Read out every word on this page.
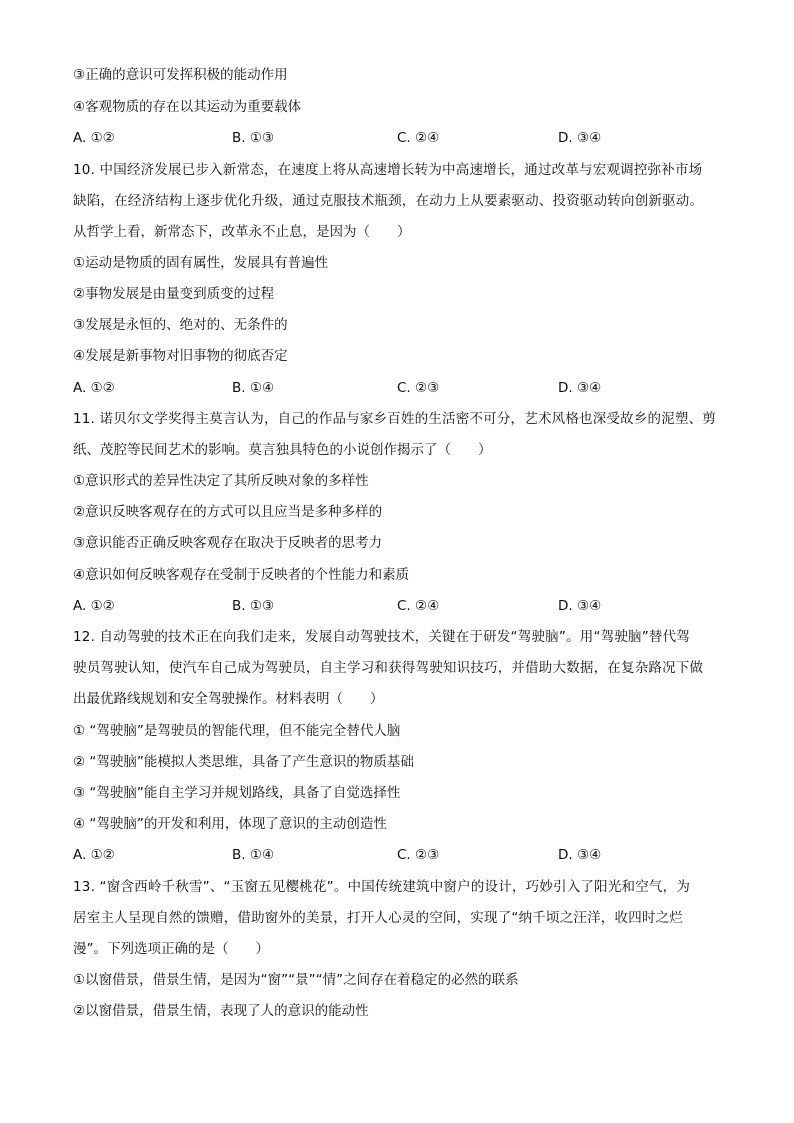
③正确的意识可发挥积极的能动作用
④客观物质的存在以其运动为重要载体
A. ①②	B. ①③	C. ②④	D. ③④
10. 中国经济发展已步入新常态，在速度上将从高速增长转为中高速增长，通过改革与宏观调控弥补市场
缺陷，在经济结构上逐步优化升级，通过克服技术瓶颈，在动力上从要素驱动、投资驱动转向创新驱动。
从哲学上看，新常态下，改革永不止息，是因为（　　）
①运动是物质的固有属性，发展具有普遍性
②事物发展是由量变到质变的过程
③发展是永恒的、绝对的、无条件的
④发展是新事物对旧事物的彻底否定
A. ①②	B. ①④	C. ②③	D. ③④
11. 诺贝尔文学奖得主莫言认为，自己的作品与家乡百姓的生活密不可分，艺术风格也深受故乡的泥塑、剪
纸、茂腔等民间艺术的影响。莫言独具特色的小说创作揭示了（　　）
①意识形式的差异性决定了其所反映对象的多样性
②意识反映客观存在的方式可以且应当是多种多样的
③意识能否正确反映客观存在取决于反映者的思考力
④意识如何反映客观存在受制于反映者的个性能力和素质
A. ①②	B. ①③	C. ②④	D. ③④
12. 自动驾驶的技术正在向我们走来，发展自动驾驶技术，关键在于研发“驾驶脑”。用“驾驶脑”替代驾
驶员驾驶认知，使汽车自己成为驾驶员，自主学习和获得驾驶知识技巧，并借助大数据，在复杂路况下做
出最优路线规划和安全驾驶操作。材料表明（　　）
① “驾驶脑”是驾驶员的智能代理，但不能完全替代人脑
② “驾驶脑”能模拟人类思维，具备了产生意识的物质基础
③ “驾驶脑”能自主学习并规划路线，具备了自觉选择性
④ “驾驶脑”的开发和利用，体现了意识的主动创造性
A. ①②	B. ①④	C. ②③	D. ③④
13. “窗含西岭千秋雪”、“玉窗五见樱桃花”。中国传统建筑中窗户的设计，巧妙引入了阳光和空气，为
居室主人呈现自然的馈赠，借助窗外的美景，打开人心灵的空间，实现了“纳千顷之汪洋，收四时之烂
漫”。下列选项正确的是（　　）
①以窗借景，借景生情，是因为“窗”“景”“情”之间存在着稳定的必然的联系
②以窗借景，借景生情，表现了人的意识的能动性
